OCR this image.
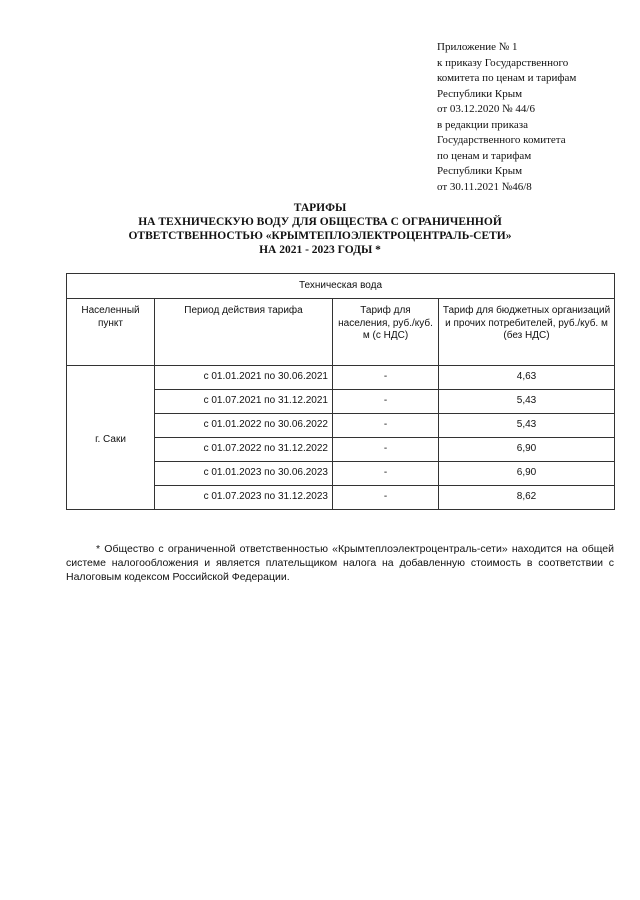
Приложение № 1
к приказу Государственного
комитета по ценам и тарифам
Республики Крым
от 03.12.2020 № 44/6
в редакции приказа
Государственного комитета
по ценам и тарифам
Республики Крым
от 30.11.2021 №46/8
ТАРИФЫ
НА ТЕХНИЧЕСКУЮ ВОДУ ДЛЯ ОБЩЕСТВА С ОГРАНИЧЕННОЙ
ОТВЕТСТВЕННОСТЬЮ «КРЫМТЕПЛОЭЛЕКТРОЦЕНТРАЛЬ-СЕТИ»
НА 2021 - 2023 ГОДЫ *
Техническая вода			
Населенный пункт	Период действия тарифа	Тариф для населения, руб./куб. м (с НДС)	Тариф для бюджетных организаций и прочих потребителей, руб./куб. м (без НДС)
г. Саки	с 01.01.2021 по 30.06.2021	-	4,63
	с 01.07.2021 по 31.12.2021	-	5,43
	с 01.01.2022 по 30.06.2022	-	5,43
	с 01.07.2022 по 31.12.2022	-	6,90
	с 01.01.2023 по 30.06.2023	-	6,90
	с 01.07.2023 по 31.12.2023	-	8,62

* Общество с ограниченной ответственностью «Крымтеплоэлектроцентраль-сети» находится на общей системе налогообложения и является плательщиком налога на добавленную стоимость в соответствии с Налоговым кодексом Российской Федерации.
